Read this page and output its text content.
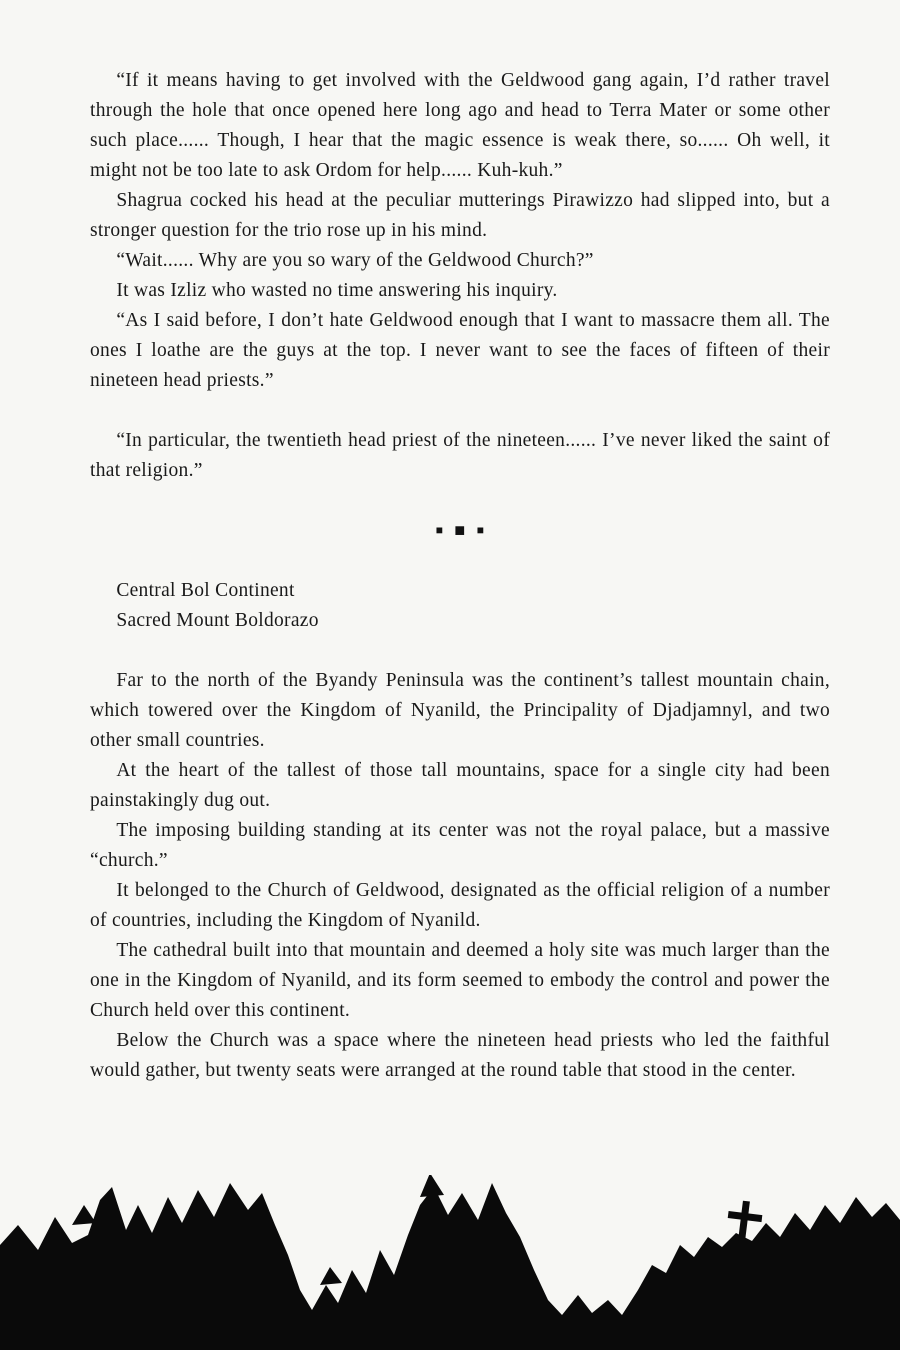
“If it means having to get involved with the Geldwood gang again, I’d rather travel through the hole that once opened here long ago and head to Terra Mater or some other such place...... Though, I hear that the magic essence is weak there, so...... Oh well, it might not be too late to ask Ordom for help...... Kuh-kuh.”

Shagrua cocked his head at the peculiar mutterings Pirawizzo had slipped into, but a stronger question for the trio rose up in his mind.

“Wait...... Why are you so wary of the Geldwood Church?”

It was Izliz who wasted no time answering his inquiry.

“As I said before, I don’t hate Geldwood enough that I want to massacre them all. The ones I loathe are the guys at the top. I never want to see the faces of fifteen of their nineteen head priests.”

“In particular, the twentieth head priest of the nineteen...... I’ve never liked the saint of that religion.”

■ ■ ■

Central Bol Continent

Sacred Mount Boldorazo

Far to the north of the Byandy Peninsula was the continent’s tallest mountain chain, which towered over the Kingdom of Nyanild, the Principality of Djadjamnyl, and two other small countries.

At the heart of the tallest of those tall mountains, space for a single city had been painstakingly dug out.

The imposing building standing at its center was not the royal palace, but a massive “church.”

It belonged to the Church of Geldwood, designated as the official religion of a number of countries, including the Kingdom of Nyanild.

The cathedral built into that mountain and deemed a holy site was much larger than the one in the Kingdom of Nyanild, and its form seemed to embody the control and power the Church held over this continent.

Below the Church was a space where the nineteen head priests who led the faithful would gather, but twenty seats were arranged at the round table that stood in the center.
